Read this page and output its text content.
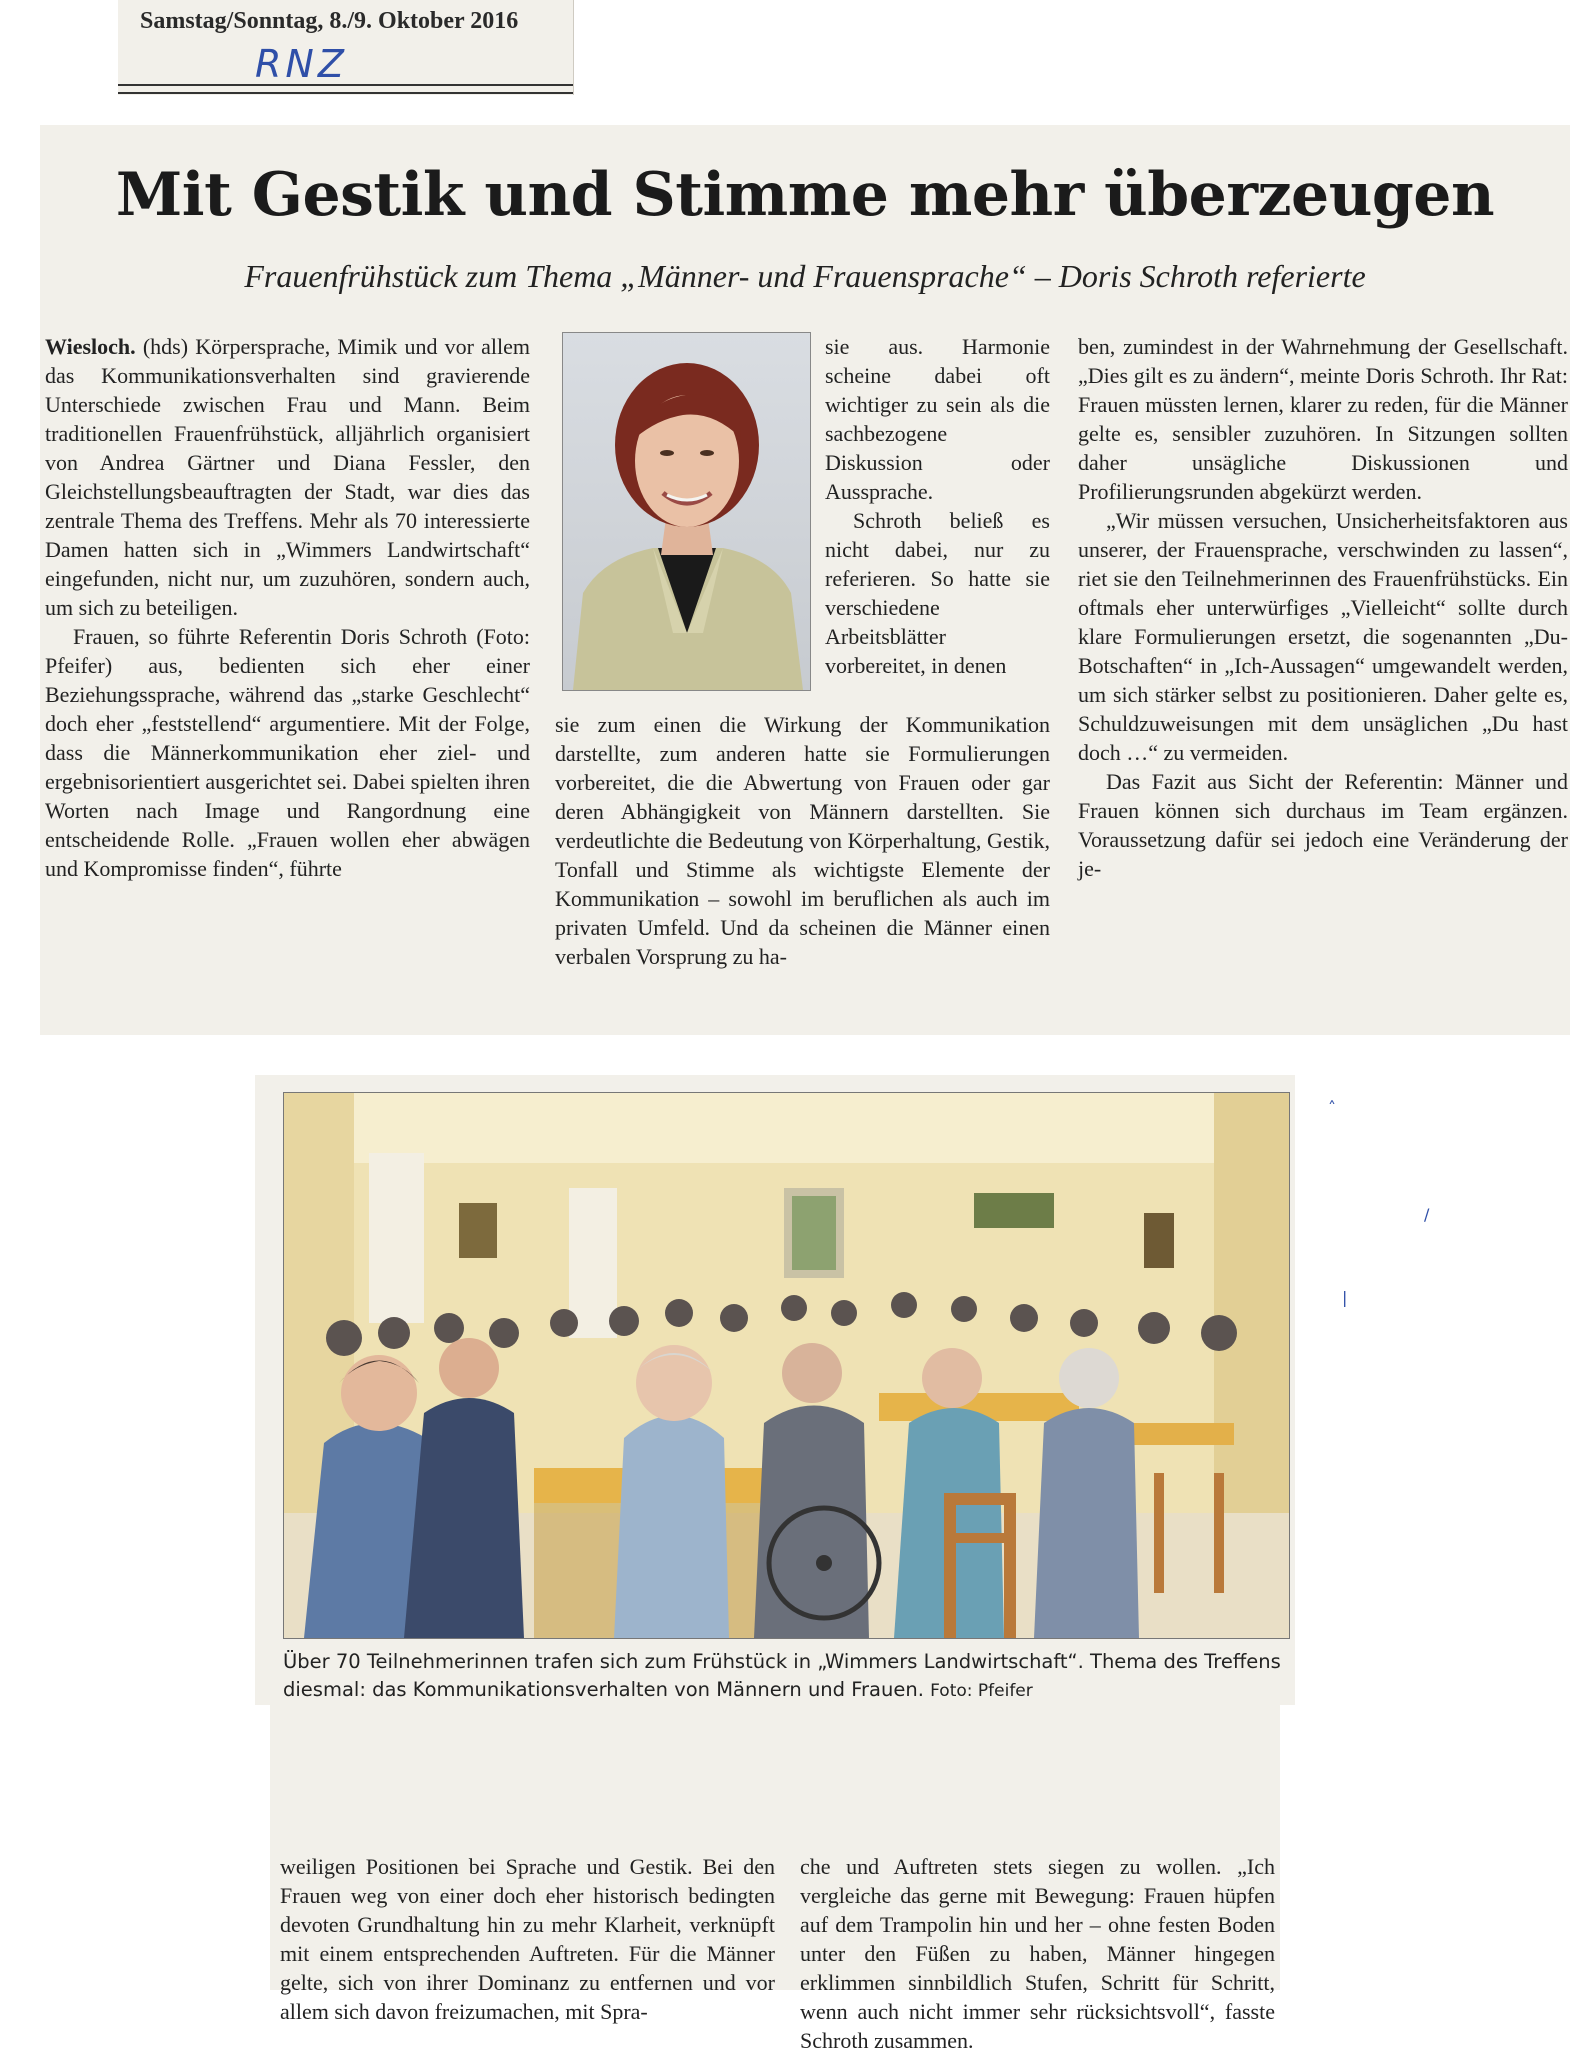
Samstag/Sonntag, 8./9. Oktober 2016
RNZ
Mit Gestik und Stimme mehr überzeugen
Frauenfrühstück zum Thema „Männer- und Frauensprache“ – Doris Schroth referierte

Wiesloch. (hds) Körpersprache, Mimik und vor allem das Kommunikationsverhalten sind gravierende Unterschiede zwischen Frau und Mann. Beim traditionellen Frauenfrühstück, alljährlich organisiert von Andrea Gärtner und Diana Fessler, den Gleichstellungsbeauftragten der Stadt, war dies das zentrale Thema des Treffens. Mehr als 70 interessierte Damen hatten sich in „Wimmers Landwirtschaft“ eingefunden, nicht nur, um zuzuhören, sondern auch, um sich zu beteiligen.

Frauen, so führte Referentin Doris Schroth (Foto: Pfeifer) aus, bedienten sich eher einer Beziehungssprache, während das „starke Geschlecht“ doch eher „feststellend“ argumentiere. Mit der Folge, dass die Männerkommunikation eher ziel- und ergebnisorientiert ausgerichtet sei. Dabei spielten ihren Worten nach Image und Rangordnung eine entscheidende Rolle. „Frauen wollen eher abwägen und Kompromisse finden“, führte

sie aus. Harmonie scheine dabei oft wichtiger zu sein als die sachbezogene Diskussion oder Aussprache.

Schroth beließ es nicht dabei, nur zu referieren. So hatte sie verschiedene Arbeitsblätter vorbereitet, in denen

sie zum einen die Wirkung der Kommunikation darstellte, zum anderen hatte sie Formulierungen vorbereitet, die die Abwertung von Frauen oder gar deren Abhängigkeit von Männern darstellten. Sie verdeutlichte die Bedeutung von Körperhaltung, Gestik, Tonfall und Stimme als wichtigste Elemente der Kommunikation – sowohl im beruflichen als auch im privaten Umfeld. Und da scheinen die Männer einen verbalen Vorsprung zu ha-

ben, zumindest in der Wahrnehmung der Gesellschaft. „Dies gilt es zu ändern“, meinte Doris Schroth. Ihr Rat: Frauen müssten lernen, klarer zu reden, für die Männer gelte es, sensibler zuzuhören. In Sitzungen sollten daher unsägliche Diskussionen und Profilierungsrunden abgekürzt werden.

„Wir müssen versuchen, Unsicherheitsfaktoren aus unserer, der Frauensprache, verschwinden zu lassen“, riet sie den Teilnehmerinnen des Frauenfrühstücks. Ein oftmals eher unterwürfiges „Vielleicht“ sollte durch klare Formulierungen ersetzt, die sogenannten „Du-Botschaften“ in „Ich-Aussagen“ umgewandelt werden, um sich stärker selbst zu positionieren. Daher gelte es, Schuldzuweisungen mit dem unsäglichen „Du hast doch …“ zu vermeiden.

Das Fazit aus Sicht der Referentin: Männer und Frauen können sich durchaus im Team ergänzen. Voraussetzung dafür sei jedoch eine Veränderung der je-

Über 70 Teilnehmerinnen trafen sich zum Frühstück in „Wimmers Landwirtschaft“. Thema des Treffens diesmal: das Kommunikationsverhalten von Männern und Frauen. Foto: Pfeifer

weiligen Positionen bei Sprache und Gestik. Bei den Frauen weg von einer doch eher historisch bedingten devoten Grundhaltung hin zu mehr Klarheit, verknüpft mit einem entsprechenden Auftreten. Für die Männer gelte, sich von ihrer Dominanz zu entfernen und vor allem sich davon freizumachen, mit Spra-

che und Auftreten stets siegen zu wollen. „Ich vergleiche das gerne mit Bewegung: Frauen hüpfen auf dem Trampolin hin und her – ohne festen Boden unter den Füßen zu haben, Männer hingegen erklimmen sinnbildlich Stufen, Schritt für Schritt, wenn auch nicht immer sehr rücksichtsvoll“, fasste Schroth zusammen.

˄
/
|
